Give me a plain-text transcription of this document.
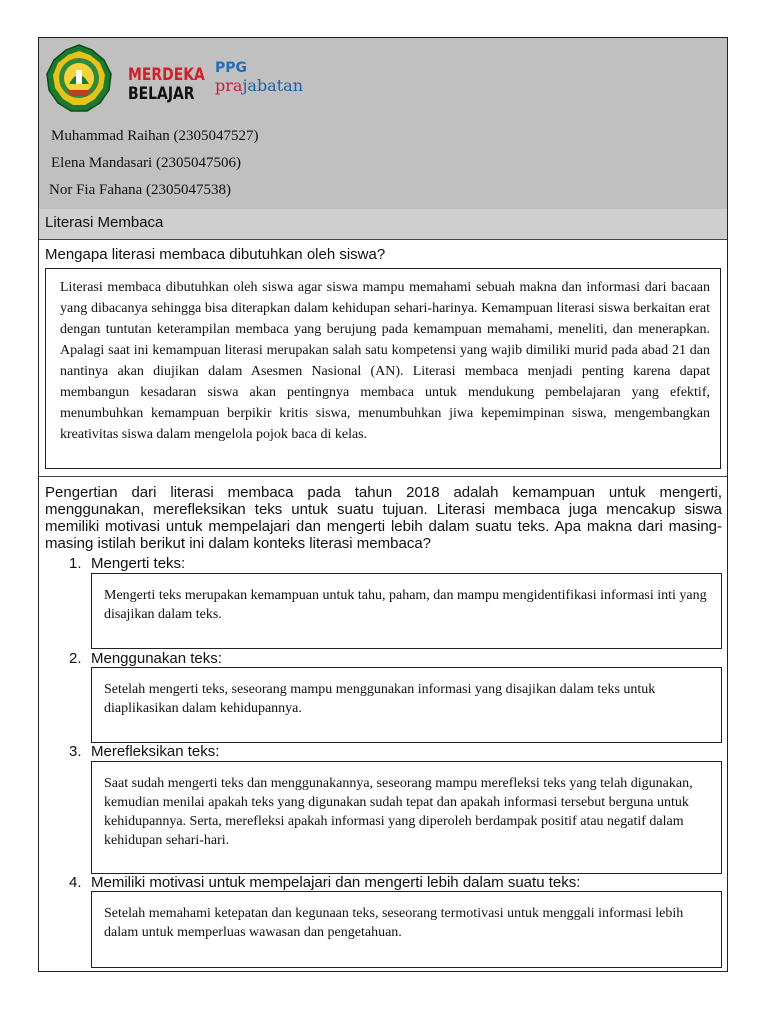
MERDEKA
BELAJAR
PPG
prajabatan
Muhammad Raihan (2305047527)
Elena Mandasari (2305047506)
Nor Fia Fahana (2305047538)
Literasi Membaca
Mengapa literasi membaca dibutuhkan oleh siswa?
Literasi membaca dibutuhkan oleh siswa agar siswa mampu memahami sebuah makna dan informasi dari bacaan yang dibacanya sehingga bisa diterapkan dalam kehidupan sehari-harinya. Kemampuan literasi siswa berkaitan erat dengan tuntutan keterampilan membaca yang berujung pada kemampuan memahami, meneliti, dan menerapkan. Apalagi saat ini kemampuan literasi merupakan salah satu kompetensi yang wajib dimiliki murid pada abad 21 dan nantinya akan diujikan dalam Asesmen Nasional (AN). Literasi membaca menjadi penting karena dapat membangun kesadaran siswa akan pentingnya membaca untuk mendukung pembelajaran yang efektif, menumbuhkan kemampuan berpikir kritis siswa, menumbuhkan jiwa kepemimpinan siswa, mengembangkan kreativitas siswa dalam mengelola pojok baca di kelas.
Pengertian dari literasi membaca pada tahun 2018 adalah kemampuan untuk mengerti, menggunakan, merefleksikan teks untuk suatu tujuan. Literasi membaca juga mencakup siswa memiliki motivasi untuk mempelajari dan mengerti lebih dalam suatu teks. Apa makna dari masing-masing istilah berikut ini dalam konteks literasi membaca?
1. Mengerti teks:
Mengerti teks merupakan kemampuan untuk tahu, paham, dan mampu mengidentifikasi informasi inti yang disajikan dalam teks.
2. Menggunakan teks:
Setelah mengerti teks, seseorang mampu menggunakan informasi yang disajikan dalam teks untuk diaplikasikan dalam kehidupannya.
3. Merefleksikan teks:
Saat sudah mengerti teks dan menggunakannya, seseorang mampu merefleksi teks yang telah digunakan, kemudian menilai apakah teks yang digunakan sudah tepat dan apakah informasi tersebut berguna untuk kehidupannya. Serta, merefleksi apakah informasi yang diperoleh berdampak positif atau negatif dalam kehidupan sehari-hari.
4. Memiliki motivasi untuk mempelajari dan mengerti lebih dalam suatu teks:
Setelah memahami ketepatan dan kegunaan teks, seseorang termotivasi untuk menggali informasi lebih dalam untuk memperluas wawasan dan pengetahuan.
